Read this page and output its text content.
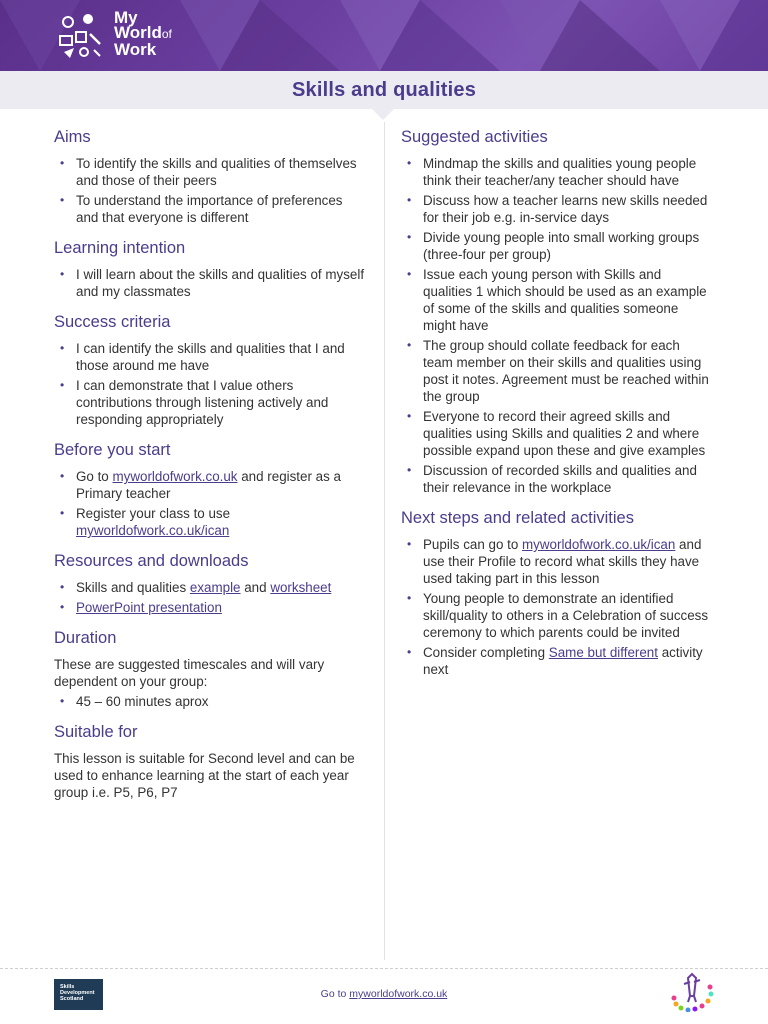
My
Worldof
Work
Skills and qualities
Aims
• To identify the skills and qualities of themselves and those of their peers
• To understand the importance of preferences and that everyone is different
Learning intention
• I will learn about the skills and qualities of myself and my classmates
Success criteria
• I can identify the skills and qualities that I and those around me have
• I can demonstrate that I value others contributions through listening actively and responding appropriately
Before you start
• Go to myworldofwork.co.uk and register as a Primary teacher
• Register your class to use myworldofwork.co.uk/ican
Resources and downloads
• Skills and qualities example and worksheet
• PowerPoint presentation
Duration

These are suggested timescales and will vary dependent on your group:

• 45 – 60 minutes aprox
Suitable for

This lesson is suitable for Second level and can be used to enhance learning at the start of each year group i.e. P5, P6, P7

Suggested activities
• Mindmap the skills and qualities young people think their teacher/any teacher should have
• Discuss how a teacher learns new skills needed for their job e.g. in-service days
• Divide young people into small working groups (three-four per group)
• Issue each young person with Skills and qualities 1 which should be used as an example of some of the skills and qualities someone might have
• The group should collate feedback for each team member on their skills and qualities using post it notes. Agreement must be reached within the group
• Everyone to record their agreed skills and qualities using Skills and qualities 2 and where possible expand upon these and give examples
• Discussion of recorded skills and qualities and their relevance in the workplace
Next steps and related activities
• Pupils can go to myworldofwork.co.uk/ican and use their Profile to record what skills they have used taking part in this lesson
• Young people to demonstrate an identified skill/quality to others in a Celebration of success ceremony to which parents could be invited
• Consider completing Same but different activity next
Skills Development Scotland	Go to myworldofwork.co.uk
